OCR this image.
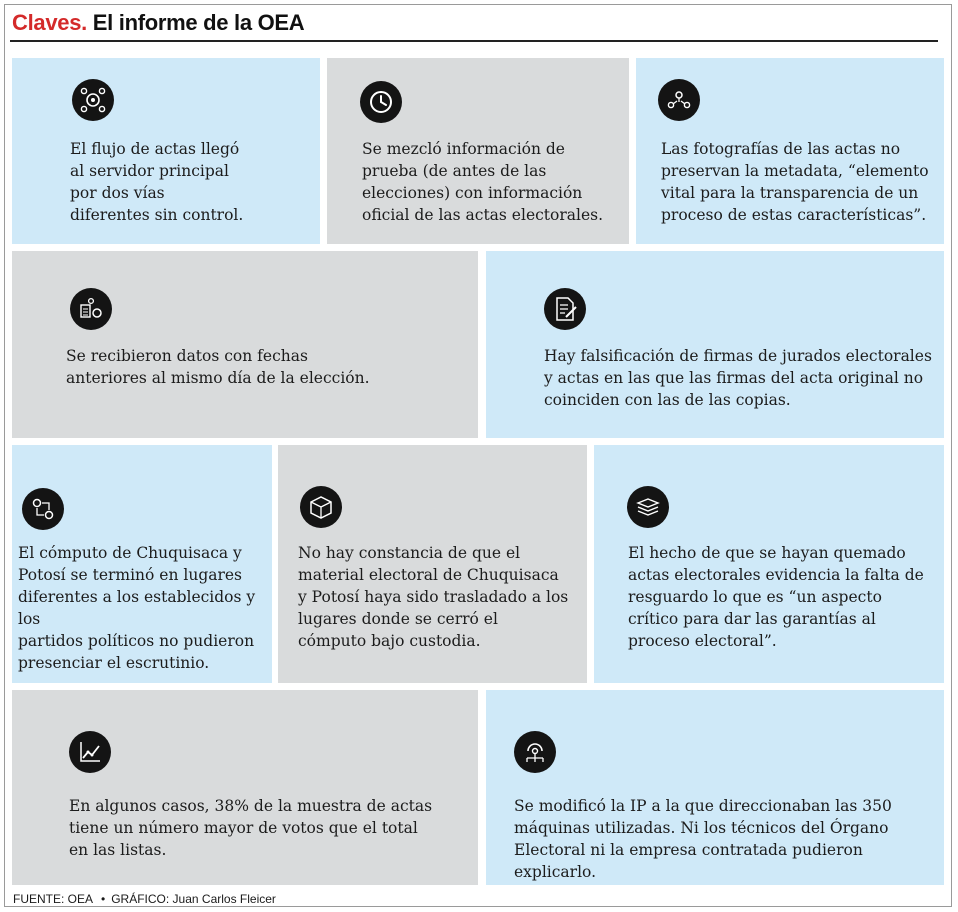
Claves. El informe de la OEA
El flujo de actas llegó
al servidor principal
por dos vías
diferentes sin control.
Se mezcló información de
prueba (de antes de las
elecciones) con información
oficial de las actas electorales.
Las fotografías de las actas no
preservan la metadata, “elemento
vital para la transparencia de un
proceso de estas características”.
Se recibieron datos con fechas
anteriores al mismo día de la elección.
Hay falsificación de firmas de jurados electorales
y actas en las que las firmas del acta original no
coinciden con las de las copias.
El cómputo de Chuquisaca y
Potosí se terminó en lugares
diferentes a los establecidos y los
partidos políticos no pudieron
presenciar el escrutinio.
No hay constancia de que el
material electoral de Chuquisaca
y Potosí haya sido trasladado a los
lugares donde se cerró el
cómputo bajo custodia.
El hecho de que se hayan quemado
actas electorales evidencia la falta de
resguardo lo que es “un aspecto
crítico para dar las garantías al
proceso electoral”.
En algunos casos, 38% de la muestra de actas
tiene un número mayor de votos que el total
en las listas.
Se modificó la IP a la que direccionaban las 350
máquinas utilizadas. Ni los técnicos del Órgano
Electoral ni la empresa contratada pudieron explicarlo.
FUENTE: OEA • GRÁFICO: Juan Carlos Fleicer
